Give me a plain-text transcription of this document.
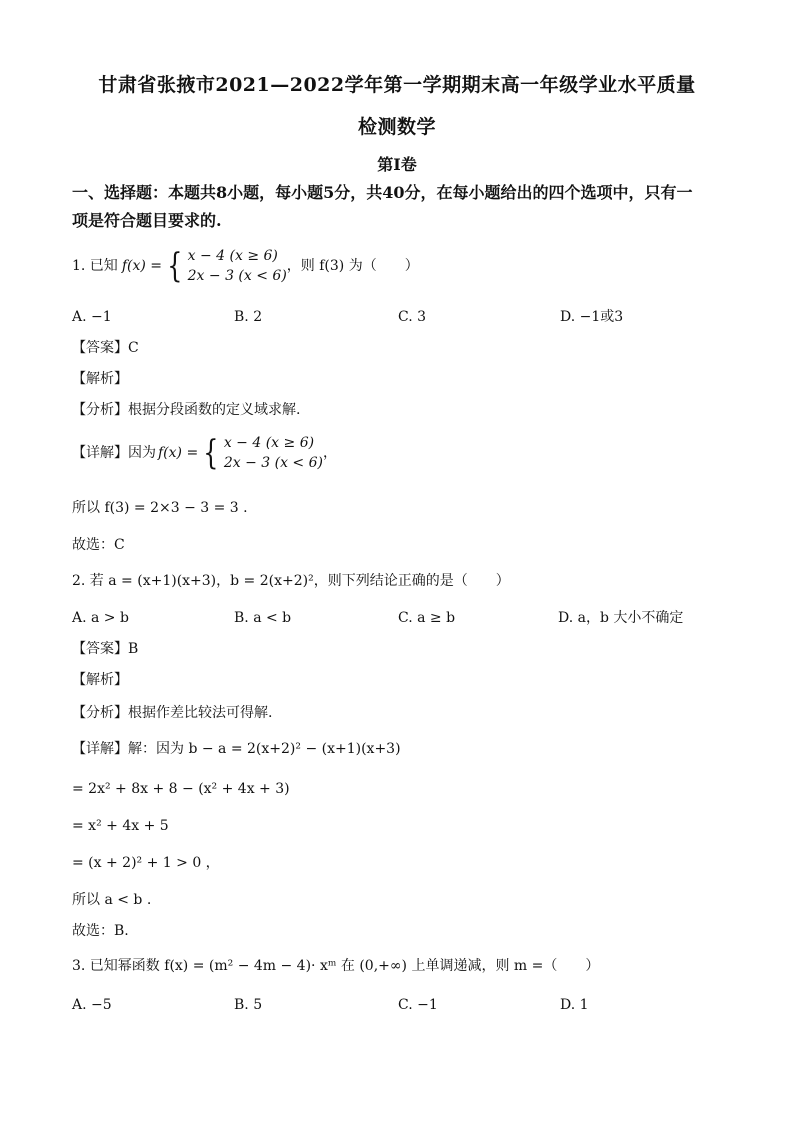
甘肃省张掖市2021—2022学年第一学期期末高一年级学业水平质量
检测数学
第I卷
一、选择题：本题共8小题，每小题5分，共40分，在每小题给出的四个选项中，只有一
项是符合题目要求的.
1. 已知 f(x) = { x − 4 (x ≥ 6)
2x − 3 (x < 6)
，则 f(3) 为（　　）
A. −1	B. 2	C. 3	D. −1或3
【答案】C
【解析】
【分析】根据分段函数的定义域求解.
【详解】因为 f(x) = { x − 4 (x ≥ 6)
2x − 3 (x < 6)
，
所以 f(3) = 2×3 − 3 = 3 .
故选：C
2. 若 a = (x+1)(x+3)，b = 2(x+2)²，则下列结论正确的是（　　）
A. a > b	B. a < b	C. a ≥ b	D. a，b 大小不确定
【答案】B
【解析】
【分析】根据作差比较法可得解.
【详解】解：因为 b − a = 2(x+2)² − (x+1)(x+3)
= 2x² + 8x + 8 − (x² + 4x + 3)
= x² + 4x + 5
= (x + 2)² + 1 > 0 ，
所以 a < b .
故选：B.
3. 已知幂函数 f(x) = (m² − 4m − 4)· xᵐ 在 (0,+∞) 上单调递减，则 m =（　　）
A. −5	B. 5	C. −1	D. 1
